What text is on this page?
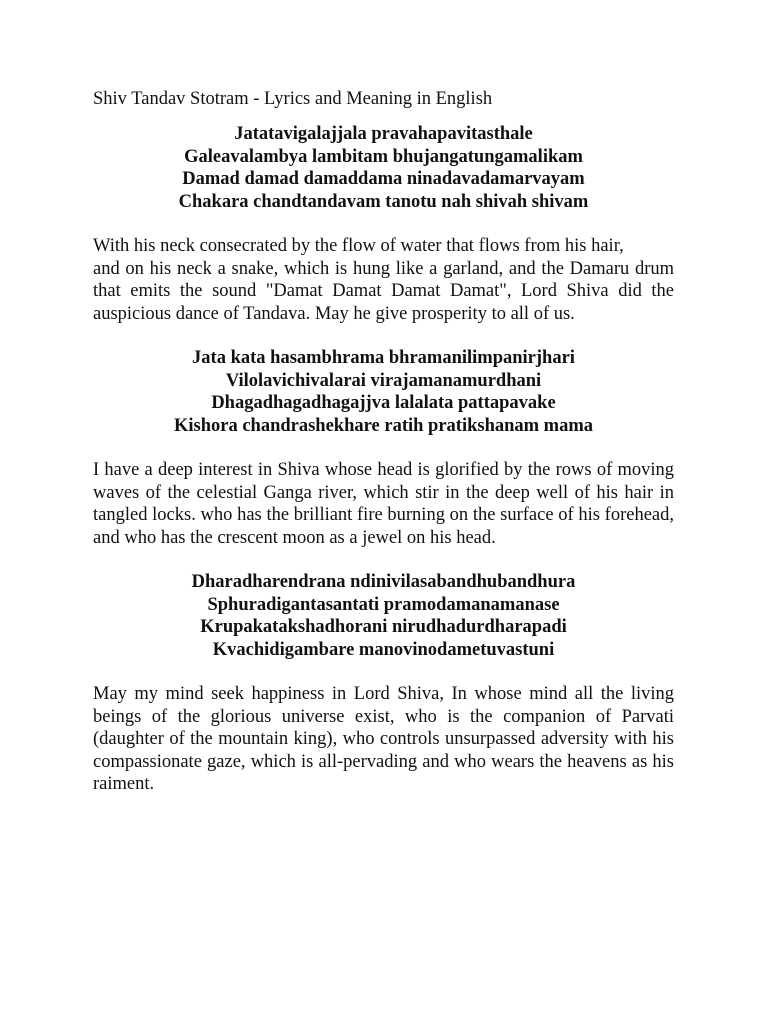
Shiv Tandav Stotram - Lyrics and Meaning in English

Jatatavigalajjala pravahapavitasthale
Galeavalambya lambitam bhujangatungamalikam
Damad damad damaddama ninadavadamarvayam
Chakara chandtandavam tanotu nah shivah shivam
With his neck consecrated by the flow of water that flows from his hair,
and on his neck a snake, which is hung like a garland, and the Damaru drum that emits the sound "Damat Damat Damat Damat", Lord Shiva did the auspicious dance of Tandava. May he give prosperity to all of us.
Jata kata hasambhrama bhramanilimpanirjhari
Vilolavichivalarai virajamanamurdhani
Dhagadhagadhagajjva lalalata pattapavake
Kishora chandrashekhare ratih pratikshanam mama
I have a deep interest in Shiva whose head is glorified by the rows of moving waves of the celestial Ganga river, which stir in the deep well of his hair in tangled locks. who has the brilliant fire burning on the surface of his forehead, and who has the crescent moon as a jewel on his head.
Dharadharendrana ndinivilasabandhubandhura
Sphuradigantasantati pramodamanamanase
Krupakatakshadhorani nirudhadurdharapadi
Kvachidigambare manovinodametuvastuni
May my mind seek happiness in Lord Shiva, In whose mind all the living beings of the glorious universe exist, who is the companion of Parvati (daughter of the mountain king), who controls unsurpassed adversity with his compassionate gaze, which is all-pervading and who wears the heavens as his raiment.
